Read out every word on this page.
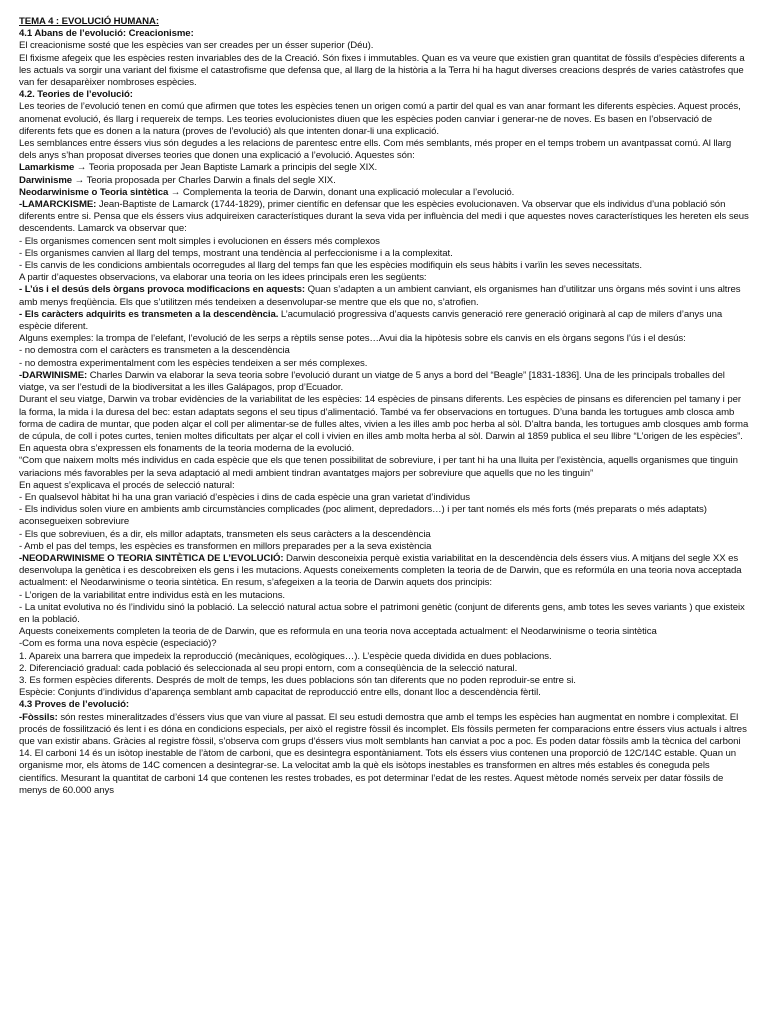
TEMA 4 : EVOLUCIÓ HUMANA:

4.1 Abans de l’evolució: Creacionisme:

El creacionisme sosté que les espècies van ser creades per un ésser superior (Déu).

El fixisme afegeix que les espècies resten invariables des de la Creació. Són fixes i immutables. Quan es va veure que existien gran quantitat de fòssils d’espècies diferents a les actuals va sorgir una variant del fixisme el catastrofisme que defensa que, al llarg de la història a la Terra hi ha hagut diverses creacions després de varies catàstrofes que van fer desaparèixer nombroses espècies.

4.2. Teories de l’evolució:

Les teories de l’evolució tenen en comú que afirmen que totes les espècies tenen un origen comú a partir del qual es van anar formant les diferents espècies. Aquest procés, anomenat evolució, és llarg i requereix de temps. Les teories evolucionistes diuen que les espècies poden canviar i generar-ne de noves. Es basen en l’observació de diferents fets que es donen a la natura (proves de l’evolució) als que intenten donar-li una explicació.

Les semblances entre éssers vius són degudes a les relacions de parentesc entre ells. Com més semblants, més proper en el temps trobem un avantpassat comú. Al llarg dels anys s’han proposat diverses teories que donen una explicació a l’evolució. Aquestes són:

Lamarkisme → Teoria proposada per Jean Baptiste Lamark a principis del segle XIX.

Darwinisme → Teoria proposada per Charles Darwin a finals del segle XIX.

Neodarwinisme o Teoria sintètica → Complementa la teoria de Darwin, donant una explicació molecular a l’evolució.

-LAMARCKISME: Jean-Baptiste de Lamarck (1744-1829), primer científic en defensar que les espècies evolucionaven. Va observar que els individus d’una població són diferents entre si. Pensa que els éssers vius adquireixen característiques durant la seva vida per influència del medi i que aquestes noves característiques les hereten els seus descendents. Lamarck va observar que:

- Els organismes comencen sent molt simples i evolucionen en éssers més complexos

- Els organismes canvien al llarg del temps, mostrant una tendència al perfeccionisme i a la complexitat.

- Els canvis de les condicions ambientals ocorregudes al llarg del temps fan que les espècies modifiquin els seus hàbits i varïin les seves necessitats.

A partir d’aquestes observacions, va elaborar una teoria on les idees principals eren les següents:

- L’ús i el desús dels òrgans provoca modificacions en aquests: Quan s’adapten a un ambient canviant, els organismes han d’utilitzar uns òrgans més sovint i uns altres amb menys freqüència. Els que s’utilitzen més tendeixen a desenvolupar-se mentre que els que no, s’atrofien.

- Els caràcters adquirits es transmeten a la descendència. L’acumulació progressiva d’aquests canvis generació rere generació originarà al cap de milers d’anys una espècie diferent.

Alguns exemples: la trompa de l’elefant, l’evolució de les serps a rèptils sense potes…Avui dia la hipòtesis sobre els canvis en els òrgans segons l’ús i el desús:

- no demostra com el caràcters es transmeten a la descendència

- no demostra experimentalment com les espècies tendeixen a ser més complexes.

-DARWINISME: Charles Darwin va elaborar la seva teoria sobre l’evolució durant un viatge de 5 anys a bord del “Beagle” [1831-1836]. Una de les principals troballes del viatge, va ser l’estudi de la biodiversitat a les illes Galápagos, prop d’Ecuador.

Durant el seu viatge, Darwin va trobar evidències de la variabilitat de les espècies: 14 espècies de pinsans diferents. Les espècies de pinsans es diferencien pel tamany i per la forma, la mida i la duresa del bec: estan adaptats segons el seu tipus d’alimentació. També va fer observacions en tortugues. D’una banda les tortugues amb closca amb forma de cadira de muntar, que poden alçar el coll per alimentar-se de fulles altes, vivien a les illes amb poc herba al sòl. D’altra banda, les tortugues amb closques amb forma de cúpula, de coll i potes curtes, tenien moltes dificultats per alçar el coll i vivien en illes amb molta herba al sòl. Darwin al 1859 publica el seu llibre “L’origen de les espècies”. En aquesta obra s’expressen els fonaments de la teoria moderna de la evolució.

“Com que naixem molts més individus en cada espècie que els que tenen possibilitat de sobreviure, i per tant hi ha una lluita per l’existència, aquells organismes que tinguin variacions més favorables per la seva adaptació al medi ambient tindran avantatges majors per sobreviure que aquells que no les tinguin”

En aquest s’explicava el procés de selecció natural:

- En qualsevol hàbitat hi ha una gran variació d’espècies i dins de cada espècie una gran varietat d’individus

- Els individus solen viure en ambients amb circumstàncies complicades (poc aliment, depredadors…) i per tant només els més forts (més preparats o més adaptats) aconsegueixen sobreviure

- Els que sobreviuen, és a dir, els millor adaptats, transmeten els seus caràcters a la descendència

- Amb el pas del temps, les espècies es transformen en millors preparades per a la seva existència

-NEODARWINISME O TEORIA SINTÈTICA DE L’EVOLUCIÓ: Darwin desconeixia perquè existia variabilitat en la descendència dels éssers vius. A mitjans del segle XX es desenvolupa la genètica i es descobreixen els gens i les mutacions. Aquests coneixements completen la teoria de de Darwin, que es reformúla en una teoria nova acceptada actualment: el Neodarwinisme o teoria sintètica. En resum, s’afegeixen a la teoria de Darwin aquets dos principis:

- L’origen de la variabilitat entre individus està en les mutacions.

- La unitat evolutiva no és l’individu sinó la població. La selecció natural actua sobre el patrimoni genètic (conjunt de diferents gens, amb totes les seves variants ) que existeix en la població.

Aquests coneixements completen la teoria de de Darwin, que es reformula en una teoria nova acceptada actualment: el Neodarwinisme o teoria sintètica

-Com es forma una nova espècie (especiació)?

1. Apareix una barrera que impedeix la reproducció (mecàniques, ecològiques…). L’espècie queda dividida en dues poblacions.

2. Diferenciació gradual: cada població és seleccionada al seu propi entorn, com a conseqüència de la selecció natural.

3. Es formen espècies diferents. Després de molt de temps, les dues poblacions són tan diferents que no poden reproduir-se entre si.

Espècie: Conjunts d’individus d’aparença semblant amb capacitat de reproducció entre ells, donant lloc a descendència fèrtil.

4.3 Proves de l’evolució:

-Fòssils: són restes mineralitzades d’éssers vius que van viure al passat. El seu estudi demostra que amb el temps les espècies han augmentat en nombre i complexitat. El procés de fossilització és lent i es dóna en condicions especials, per això el registre fòssil és incomplet. Els fòssils permeten fer comparacions entre éssers vius actuals i altres que van existir abans. Gràcies al registre fòssil, s’observa com grups d’éssers vius molt semblants han canviat a poc a poc. Es poden datar fòssils amb la tècnica del carboni 14. El carboni 14 és un isòtop inestable de l’àtom de carboni, que es desintegra espontàniament. Tots els éssers vius contenen una proporció de 12C/14C estable. Quan un organisme mor, els àtoms de 14C comencen a desintegrar-se. La velocitat amb la què els isòtops inestables es transformen en altres més estables és coneguda pels científics. Mesurant la quantitat de carboni 14 que contenen les restes trobades, es pot determinar l’edat de les restes. Aquest mètode només serveix per datar fòssils de menys de 60.000 anys
